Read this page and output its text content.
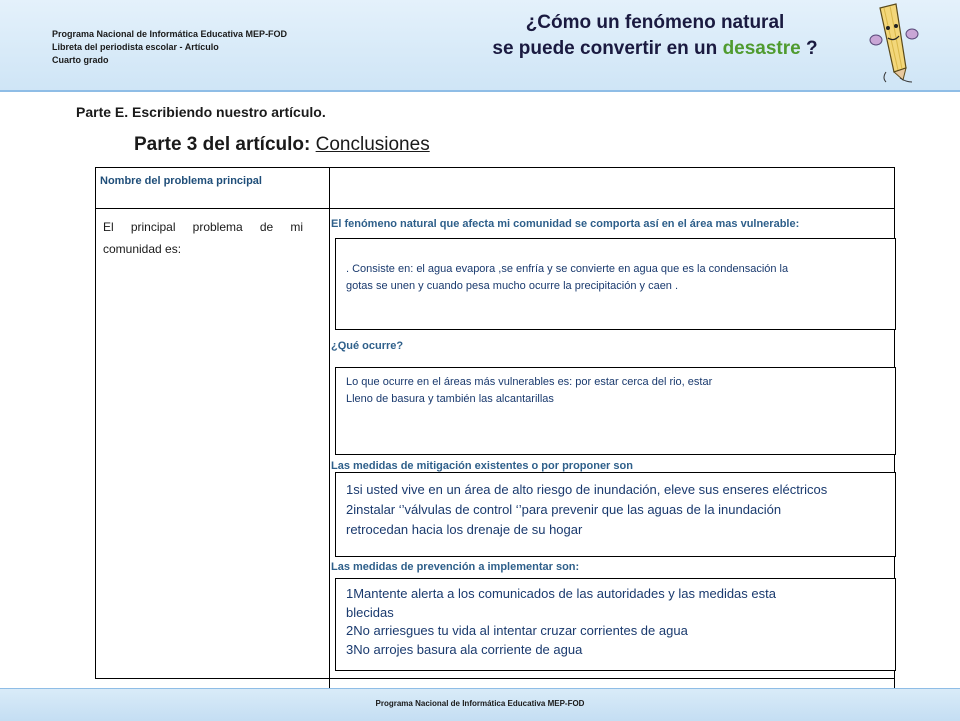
Programa Nacional de Informática Educativa MEP-FOD
Libreta del periodista escolar - Artículo
Cuarto grado
¿Cómo un fenómeno natural
se puede convertir en un desastre ?
Parte E. Escribiendo nuestro artículo.
Parte 3 del artículo: Conclusiones
Nombre del problema principal
El principal problema de mi comunidad es:
El fenómeno natural que afecta mi comunidad se comporta así en el área mas vulnerable:

. Consiste en: el agua evapora ,se enfría y se convierte en agua que es la condensación la

gotas se unen y cuando pesa mucho ocurre la precipitación y caen .

¿Qué ocurre?

Lo que ocurre en el áreas más vulnerables es: por estar cerca del rio, estar

Lleno de basura y también las alcantarillas

Las medidas de mitigación existentes o por proponer son

1si usted vive en un área de alto riesgo de inundación, eleve sus enseres eléctricos

2instalar ‘’válvulas de control ‘’para prevenir que las aguas de la inundación

retrocedan hacia los drenaje de su hogar

Las medidas de prevención a implementar son:

1Mantente alerta a los comunicados de las autoridades y las medidas esta

blecidas

2No arriesgues tu vida al intentar cruzar corrientes de agua

3No arrojes basura ala corriente de agua

Programa Nacional de Informática Educativa MEP-FOD
